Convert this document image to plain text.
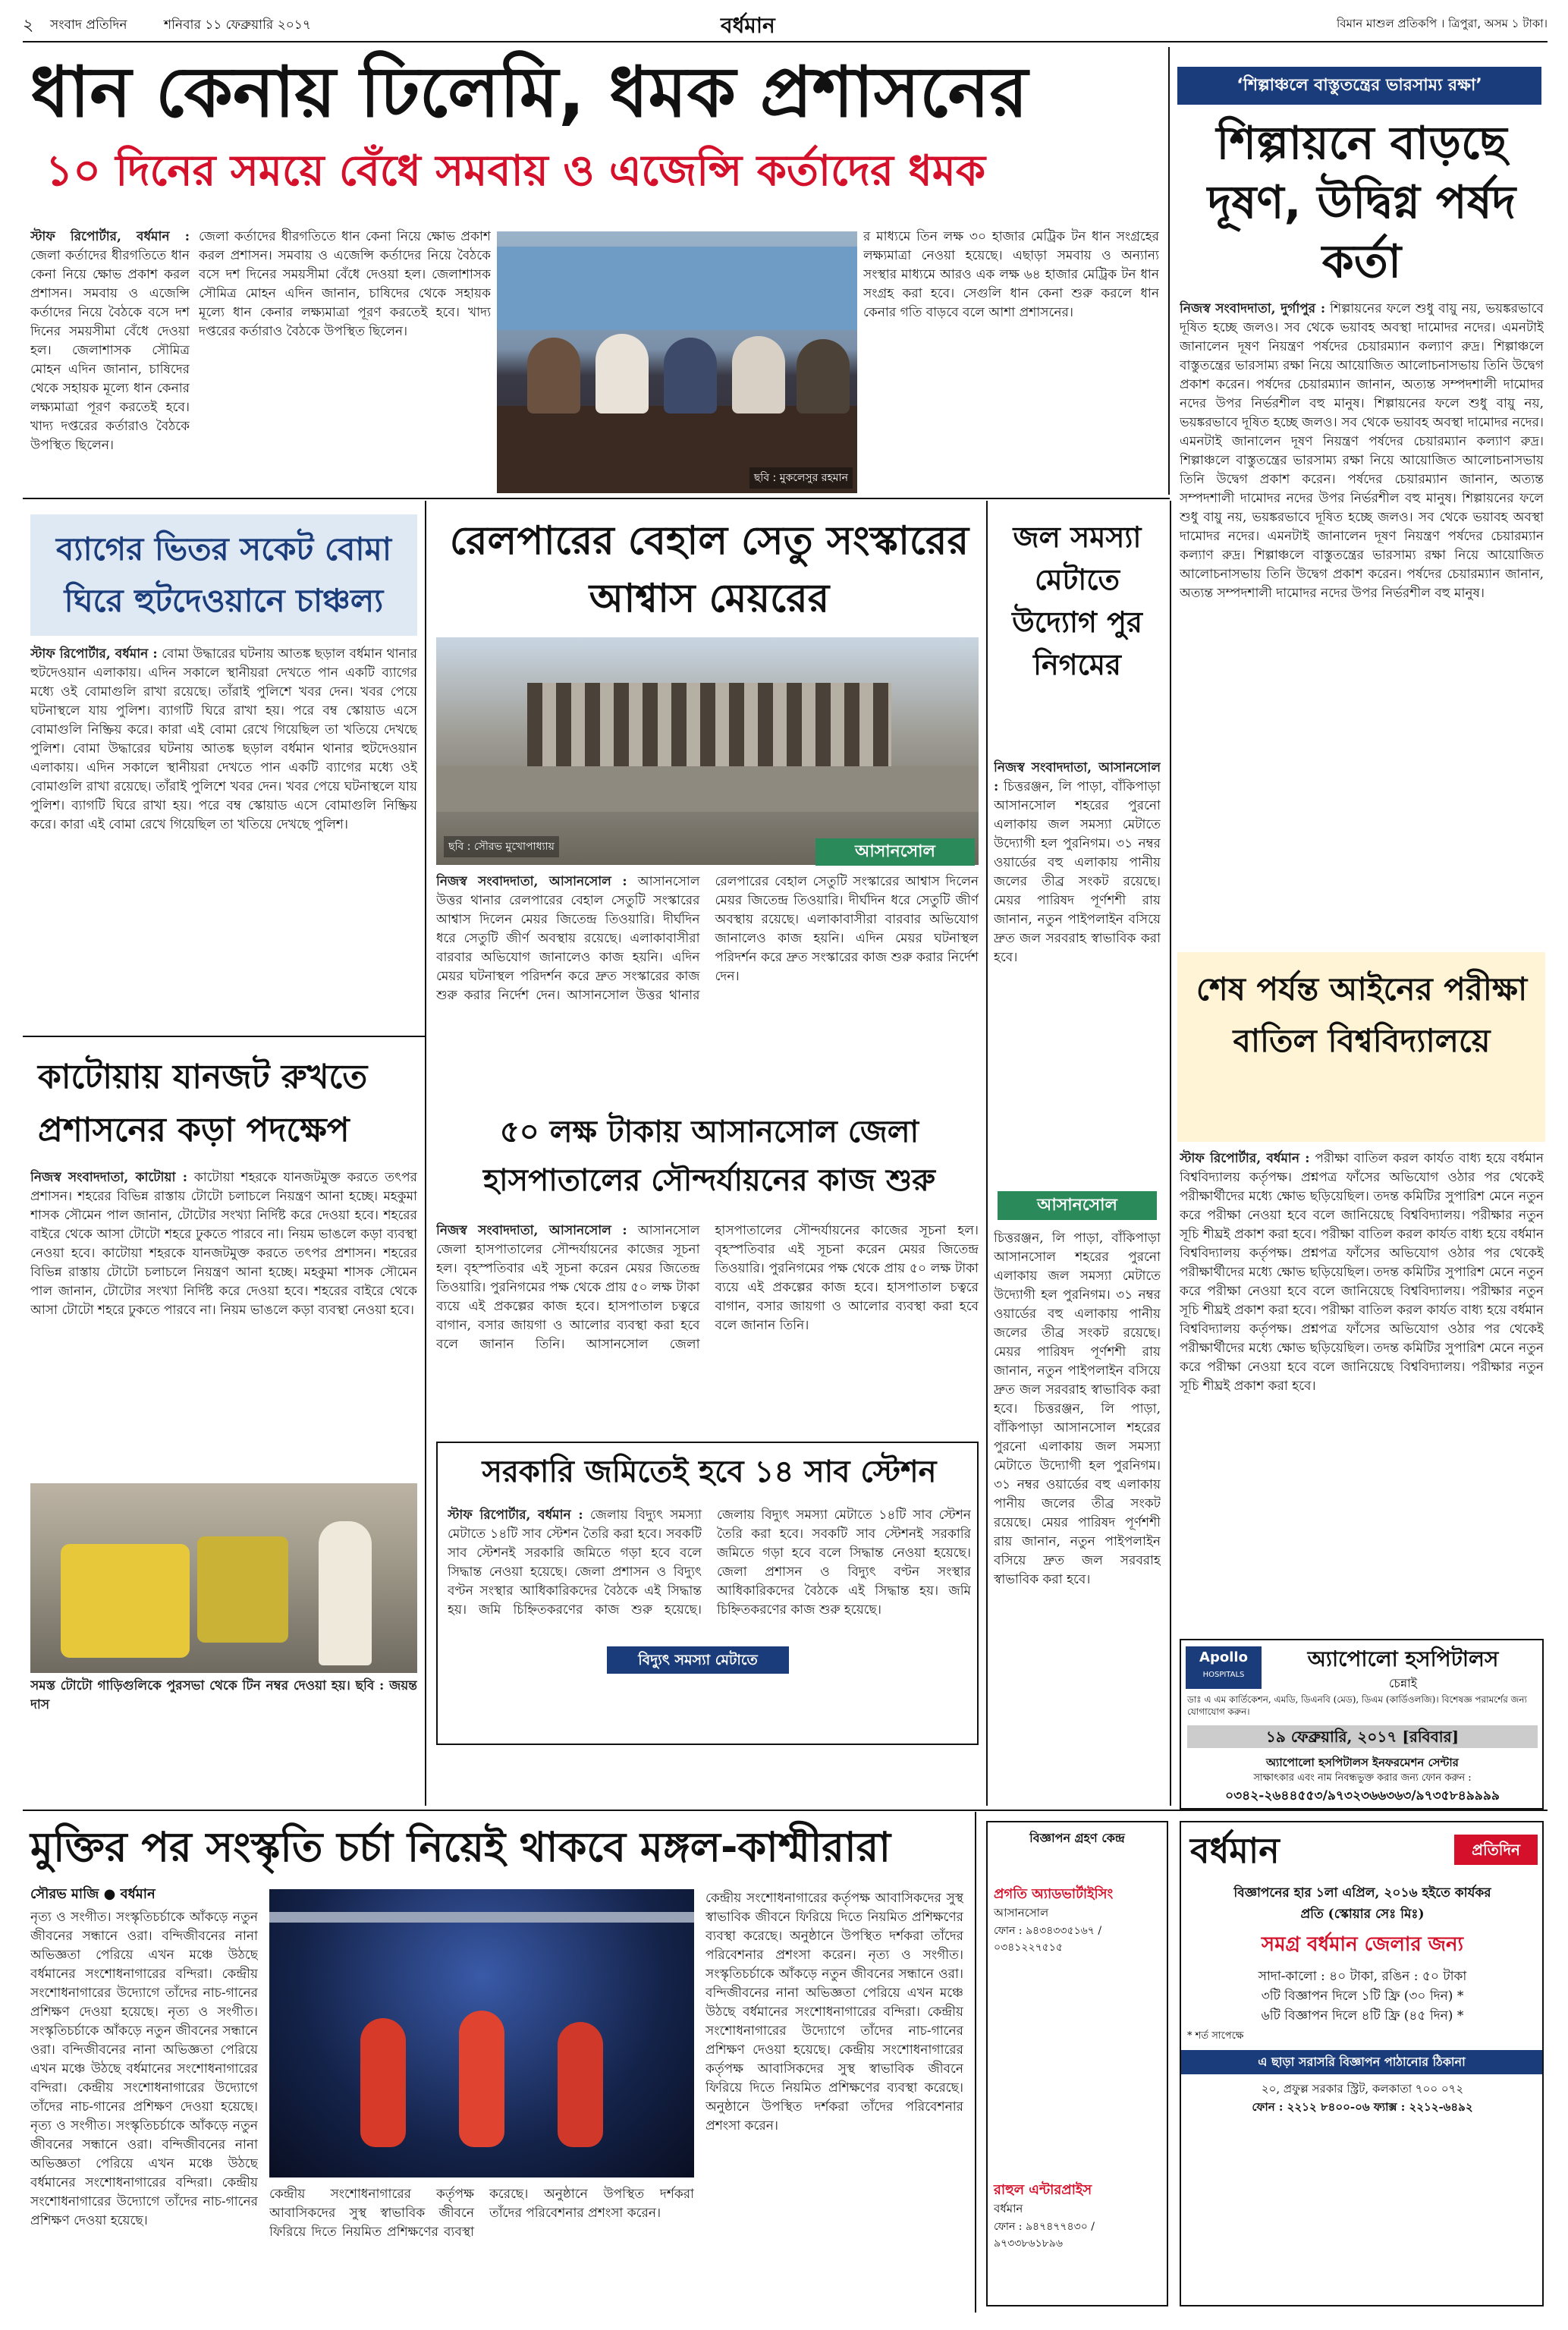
২ সংবাদ প্রতিদিন	শনিবার ১১ ফেব্রুয়ারি ২০১৭	বর্ধমান	বিমান মাশুল প্রতিকপি । ত্রিপুরা, অসম ১ টাকা।
ধান কেনায় ঢিলেমি, ধমক প্রশাসনের
১০ দিনের সময়ে বেঁধে সমবায় ও এজেন্সি কর্তাদের ধমক
স্টাফ রিপোর্টার, বর্ধমান : জেলা কর্তাদের ধীরগতিতে ধান কেনা নিয়ে ক্ষোভ প্রকাশ করল প্রশাসন। সমবায় ও এজেন্সি কর্তাদের নিয়ে বৈঠকে বসে দশ দিনের সময়সীমা বেঁধে দেওয়া হল। জেলাশাসক সৌমিত্র মোহন এদিন জানান, চাষিদের থেকে সহায়ক মূল্যে ধান কেনার লক্ষ্যমাত্রা পূরণ করতেই হবে। খাদ্য দপ্তরের কর্তারাও বৈঠকে উপস্থিত ছিলেন।
জেলা কর্তাদের ধীরগতিতে ধান কেনা নিয়ে ক্ষোভ প্রকাশ করল প্রশাসন। সমবায় ও এজেন্সি কর্তাদের নিয়ে বৈঠকে বসে দশ দিনের সময়সীমা বেঁধে দেওয়া হল। জেলাশাসক সৌমিত্র মোহন এদিন জানান, চাষিদের থেকে সহায়ক মূল্যে ধান কেনার লক্ষ্যমাত্রা পূরণ করতেই হবে। খাদ্য দপ্তরের কর্তারাও বৈঠকে উপস্থিত ছিলেন।
ছবি : মুকলেসুর রহমান
র মাধ্যমে তিন লক্ষ ৩০ হাজার মেট্রিক টন ধান সংগ্রহের লক্ষ্যমাত্রা নেওয়া হয়েছে। এছাড়া সমবায় ও অন্যান্য সংস্থার মাধ্যমে আরও এক লক্ষ ৬৪ হাজার মেট্রিক টন ধান সংগ্রহ করা হবে। সেগুলি ধান কেনা শুরু করলে ধান কেনার গতি বাড়বে বলে আশা প্রশাসনের।
‘শিল্পাঞ্চলে বাস্তুতন্ত্রের ভারসাম্য রক্ষা’
শিল্পায়নে বাড়ছে দূষণ, উদ্বিগ্ন পর্ষদ কর্তা
নিজস্ব সংবাদদাতা, দুর্গাপুর : শিল্পায়নের ফলে শুধু বায়ু নয়, ভয়ঙ্করভাবে দূষিত হচ্ছে জলও। সব থেকে ভয়াবহ অবস্থা দামোদর নদের। এমনটাই জানালেন দূষণ নিয়ন্ত্রণ পর্ষদের চেয়ারম্যান কল্যাণ রুদ্র। শিল্পাঞ্চলে বাস্তুতন্ত্রের ভারসাম্য রক্ষা নিয়ে আয়োজিত আলোচনাসভায় তিনি উদ্বেগ প্রকাশ করেন। পর্ষদের চেয়ারম্যান জানান, অত্যন্ত সম্পদশালী দামোদর নদের উপর নির্ভরশীল বহু মানুষ। শিল্পায়নের ফলে শুধু বায়ু নয়, ভয়ঙ্করভাবে দূষিত হচ্ছে জলও। সব থেকে ভয়াবহ অবস্থা দামোদর নদের। এমনটাই জানালেন দূষণ নিয়ন্ত্রণ পর্ষদের চেয়ারম্যান কল্যাণ রুদ্র। শিল্পাঞ্চলে বাস্তুতন্ত্রের ভারসাম্য রক্ষা নিয়ে আয়োজিত আলোচনাসভায় তিনি উদ্বেগ প্রকাশ করেন। পর্ষদের চেয়ারম্যান জানান, অত্যন্ত সম্পদশালী দামোদর নদের উপর নির্ভরশীল বহু মানুষ। শিল্পায়নের ফলে শুধু বায়ু নয়, ভয়ঙ্করভাবে দূষিত হচ্ছে জলও। সব থেকে ভয়াবহ অবস্থা দামোদর নদের। এমনটাই জানালেন দূষণ নিয়ন্ত্রণ পর্ষদের চেয়ারম্যান কল্যাণ রুদ্র। শিল্পাঞ্চলে বাস্তুতন্ত্রের ভারসাম্য রক্ষা নিয়ে আয়োজিত আলোচনাসভায় তিনি উদ্বেগ প্রকাশ করেন। পর্ষদের চেয়ারম্যান জানান, অত্যন্ত সম্পদশালী দামোদর নদের উপর নির্ভরশীল বহু মানুষ।
ব্যাগের ভিতর সকেট বোমা ঘিরে হুটদেওয়ানে চাঞ্চল্য
স্টাফ রিপোর্টার, বর্ধমান : বোমা উদ্ধারের ঘটনায় আতঙ্ক ছড়াল বর্ধমান থানার হুটদেওয়ান এলাকায়। এদিন সকালে স্থানীয়রা দেখতে পান একটি ব্যাগের মধ্যে ওই বোমাগুলি রাখা রয়েছে। তাঁরাই পুলিশে খবর দেন। খবর পেয়ে ঘটনাস্থলে যায় পুলিশ। ব্যাগটি ঘিরে রাখা হয়। পরে বম্ব স্কোয়াড এসে বোমাগুলি নিষ্ক্রিয় করে। কারা এই বোমা রেখে গিয়েছিল তা খতিয়ে দেখছে পুলিশ। বোমা উদ্ধারের ঘটনায় আতঙ্ক ছড়াল বর্ধমান থানার হুটদেওয়ান এলাকায়। এদিন সকালে স্থানীয়রা দেখতে পান একটি ব্যাগের মধ্যে ওই বোমাগুলি রাখা রয়েছে। তাঁরাই পুলিশে খবর দেন। খবর পেয়ে ঘটনাস্থলে যায় পুলিশ। ব্যাগটি ঘিরে রাখা হয়। পরে বম্ব স্কোয়াড এসে বোমাগুলি নিষ্ক্রিয় করে। কারা এই বোমা রেখে গিয়েছিল তা খতিয়ে দেখছে পুলিশ।
কাটোয়ায় যানজট রুখতে প্রশাসনের কড়া পদক্ষেপ
নিজস্ব সংবাদদাতা, কাটোয়া : কাটোয়া শহরকে যানজটমুক্ত করতে তৎপর প্রশাসন। শহরের বিভিন্ন রাস্তায় টোটো চলাচলে নিয়ন্ত্রণ আনা হচ্ছে। মহকুমা শাসক সৌমেন পাল জানান, টোটোর সংখ্যা নির্দিষ্ট করে দেওয়া হবে। শহরের বাইরে থেকে আসা টোটো শহরে ঢুকতে পারবে না। নিয়ম ভাঙলে কড়া ব্যবস্থা নেওয়া হবে। কাটোয়া শহরকে যানজটমুক্ত করতে তৎপর প্রশাসন। শহরের বিভিন্ন রাস্তায় টোটো চলাচলে নিয়ন্ত্রণ আনা হচ্ছে। মহকুমা শাসক সৌমেন পাল জানান, টোটোর সংখ্যা নির্দিষ্ট করে দেওয়া হবে। শহরের বাইরে থেকে আসা টোটো শহরে ঢুকতে পারবে না। নিয়ম ভাঙলে কড়া ব্যবস্থা নেওয়া হবে।
সমস্ত টোটো গাড়িগুলিকে পুরসভা থেকে টিন নম্বর দেওয়া হয়। ছবি : জয়ন্ত দাস
রেলপারের বেহাল সেতু সংস্কারের আশ্বাস মেয়রের
ছবি : সৌরভ মুখোপাধ্যায়	আসানসোল
নিজস্ব সংবাদদাতা, আসানসোল : আসানসোল উত্তর থানার রেলপারের বেহাল সেতুটি সংস্কারের আশ্বাস দিলেন মেয়র জিতেন্দ্র তিওয়ারি। দীর্ঘদিন ধরে সেতুটি জীর্ণ অবস্থায় রয়েছে। এলাকাবাসীরা বারবার অভিযোগ জানালেও কাজ হয়নি। এদিন মেয়র ঘটনাস্থল পরিদর্শন করে দ্রুত সংস্কারের কাজ শুরু করার নির্দেশ দেন। আসানসোল উত্তর থানার রেলপারের বেহাল সেতুটি সংস্কারের আশ্বাস দিলেন মেয়র জিতেন্দ্র তিওয়ারি। দীর্ঘদিন ধরে সেতুটি জীর্ণ অবস্থায় রয়েছে। এলাকাবাসীরা বারবার অভিযোগ জানালেও কাজ হয়নি। এদিন মেয়র ঘটনাস্থল পরিদর্শন করে দ্রুত সংস্কারের কাজ শুরু করার নির্দেশ দেন।
৫০ লক্ষ টাকায় আসানসোল জেলা হাসপাতালের সৌন্দর্যায়নের কাজ শুরু
নিজস্ব সংবাদদাতা, আসানসোল : আসানসোল জেলা হাসপাতালের সৌন্দর্যায়নের কাজের সূচনা হল। বৃহস্পতিবার এই সূচনা করেন মেয়র জিতেন্দ্র তিওয়ারি। পুরনিগমের পক্ষ থেকে প্রায় ৫০ লক্ষ টাকা ব্যয়ে এই প্রকল্পের কাজ হবে। হাসপাতাল চত্বরে বাগান, বসার জায়গা ও আলোর ব্যবস্থা করা হবে বলে জানান তিনি। আসানসোল জেলা হাসপাতালের সৌন্দর্যায়নের কাজের সূচনা হল। বৃহস্পতিবার এই সূচনা করেন মেয়র জিতেন্দ্র তিওয়ারি। পুরনিগমের পক্ষ থেকে প্রায় ৫০ লক্ষ টাকা ব্যয়ে এই প্রকল্পের কাজ হবে। হাসপাতাল চত্বরে বাগান, বসার জায়গা ও আলোর ব্যবস্থা করা হবে বলে জানান তিনি।
সরকারি জমিতেই হবে ১৪ সাব স্টেশন
স্টাফ রিপোর্টার, বর্ধমান : জেলায় বিদ্যুৎ সমস্যা মেটাতে ১৪টি সাব স্টেশন তৈরি করা হবে। সবকটি সাব স্টেশনই সরকারি জমিতে গড়া হবে বলে সিদ্ধান্ত নেওয়া হয়েছে। জেলা প্রশাসন ও বিদ্যুৎ বণ্টন সংস্থার আধিকারিকদের বৈঠকে এই সিদ্ধান্ত হয়। জমি চিহ্নিতকরণের কাজ শুরু হয়েছে। জেলায় বিদ্যুৎ সমস্যা মেটাতে ১৪টি সাব স্টেশন তৈরি করা হবে। সবকটি সাব স্টেশনই সরকারি জমিতে গড়া হবে বলে সিদ্ধান্ত নেওয়া হয়েছে। জেলা প্রশাসন ও বিদ্যুৎ বণ্টন সংস্থার আধিকারিকদের বৈঠকে এই সিদ্ধান্ত হয়। জমি চিহ্নিতকরণের কাজ শুরু হয়েছে।
বিদ্যুৎ সমস্যা মেটাতে
জল সমস্যা মেটাতে উদ্যোগ পুর নিগমের
নিজস্ব সংবাদদাতা, আসানসোল : চিত্তরঞ্জন, লি পাড়া, বাঁকিপাড়া আসানসোল শহরের পুরনো এলাকায় জল সমস্যা মেটাতে উদ্যোগী হল পুরনিগম। ৩১ নম্বর ওয়ার্ডের বহু এলাকায় পানীয় জলের তীব্র সংকট রয়েছে। মেয়র পারিষদ পূর্ণশশী রায় জানান, নতুন পাইপলাইন বসিয়ে দ্রুত জল সরবরাহ স্বাভাবিক করা হবে।
আসানসোল
চিত্তরঞ্জন, লি পাড়া, বাঁকিপাড়া আসানসোল শহরের পুরনো এলাকায় জল সমস্যা মেটাতে উদ্যোগী হল পুরনিগম। ৩১ নম্বর ওয়ার্ডের বহু এলাকায় পানীয় জলের তীব্র সংকট রয়েছে। মেয়র পারিষদ পূর্ণশশী রায় জানান, নতুন পাইপলাইন বসিয়ে দ্রুত জল সরবরাহ স্বাভাবিক করা হবে। চিত্তরঞ্জন, লি পাড়া, বাঁকিপাড়া আসানসোল শহরের পুরনো এলাকায় জল সমস্যা মেটাতে উদ্যোগী হল পুরনিগম। ৩১ নম্বর ওয়ার্ডের বহু এলাকায় পানীয় জলের তীব্র সংকট রয়েছে। মেয়র পারিষদ পূর্ণশশী রায় জানান, নতুন পাইপলাইন বসিয়ে দ্রুত জল সরবরাহ স্বাভাবিক করা হবে।
শেষ পর্যন্ত আইনের পরীক্ষা বাতিল বিশ্ববিদ্যালয়ে
স্টাফ রিপোর্টার, বর্ধমান : পরীক্ষা বাতিল করল কার্যত বাধ্য হয়ে বর্ধমান বিশ্ববিদ্যালয় কর্তৃপক্ষ। প্রশ্নপত্র ফাঁসের অভিযোগ ওঠার পর থেকেই পরীক্ষার্থীদের মধ্যে ক্ষোভ ছড়িয়েছিল। তদন্ত কমিটির সুপারিশ মেনে নতুন করে পরীক্ষা নেওয়া হবে বলে জানিয়েছে বিশ্ববিদ্যালয়। পরীক্ষার নতুন সূচি শীঘ্রই প্রকাশ করা হবে। পরীক্ষা বাতিল করল কার্যত বাধ্য হয়ে বর্ধমান বিশ্ববিদ্যালয় কর্তৃপক্ষ। প্রশ্নপত্র ফাঁসের অভিযোগ ওঠার পর থেকেই পরীক্ষার্থীদের মধ্যে ক্ষোভ ছড়িয়েছিল। তদন্ত কমিটির সুপারিশ মেনে নতুন করে পরীক্ষা নেওয়া হবে বলে জানিয়েছে বিশ্ববিদ্যালয়। পরীক্ষার নতুন সূচি শীঘ্রই প্রকাশ করা হবে। পরীক্ষা বাতিল করল কার্যত বাধ্য হয়ে বর্ধমান বিশ্ববিদ্যালয় কর্তৃপক্ষ। প্রশ্নপত্র ফাঁসের অভিযোগ ওঠার পর থেকেই পরীক্ষার্থীদের মধ্যে ক্ষোভ ছড়িয়েছিল। তদন্ত কমিটির সুপারিশ মেনে নতুন করে পরীক্ষা নেওয়া হবে বলে জানিয়েছে বিশ্ববিদ্যালয়। পরীক্ষার নতুন সূচি শীঘ্রই প্রকাশ করা হবে।
Apollo
HOSPITALS
অ্যাপোলো হসপিটালস
চেন্নাই
ডাঃ এ এম কার্তিকেশন, এমডি, ডিএনবি (মেড), ডিএম (কার্ডিওলজি)। বিশেষজ্ঞ পরামর্শের জন্য যোগাযোগ করুন।
১৯ ফেব্রুয়ারি, ২০১৭ [রবিবার]
অ্যাপোলো হসপিটালস ইনফরমেশন সেন্টার
সাক্ষাৎকার এবং নাম নিবন্ধভুক্ত করার জন্য ফোন করুন :
০৩৪২-২৬৪৪৫৫৩/৯৭৩২৩৬৬৩৬৩/৯৭৩৫৮৪৯৯৯৯
মুক্তির পর সংস্কৃতি চর্চা নিয়েই থাকবে মঙ্গল-কাশ্মীরারা
সৌরভ মাজি ● বর্ধমান
নৃত্য ও সংগীত। সংস্কৃতিচর্চাকে আঁকড়ে নতুন জীবনের সন্ধানে ওরা। বন্দিজীবনের নানা অভিজ্ঞতা পেরিয়ে এখন মঞ্চে উঠছে বর্ধমানের সংশোধনাগারের বন্দিরা। কেন্দ্রীয় সংশোধনাগারের উদ্যোগে তাঁদের নাচ-গানের প্রশিক্ষণ দেওয়া হয়েছে। নৃত্য ও সংগীত। সংস্কৃতিচর্চাকে আঁকড়ে নতুন জীবনের সন্ধানে ওরা। বন্দিজীবনের নানা অভিজ্ঞতা পেরিয়ে এখন মঞ্চে উঠছে বর্ধমানের সংশোধনাগারের বন্দিরা। কেন্দ্রীয় সংশোধনাগারের উদ্যোগে তাঁদের নাচ-গানের প্রশিক্ষণ দেওয়া হয়েছে। নৃত্য ও সংগীত। সংস্কৃতিচর্চাকে আঁকড়ে নতুন জীবনের সন্ধানে ওরা। বন্দিজীবনের নানা অভিজ্ঞতা পেরিয়ে এখন মঞ্চে উঠছে বর্ধমানের সংশোধনাগারের বন্দিরা। কেন্দ্রীয় সংশোধনাগারের উদ্যোগে তাঁদের নাচ-গানের প্রশিক্ষণ দেওয়া হয়েছে।
কেন্দ্রীয় সংশোধনাগারের কর্তৃপক্ষ আবাসিকদের সুস্থ স্বাভাবিক জীবনে ফিরিয়ে দিতে নিয়মিত প্রশিক্ষণের ব্যবস্থা করেছে। অনুষ্ঠানে উপস্থিত দর্শকরা তাঁদের পরিবেশনার প্রশংসা করেন।
কেন্দ্রীয় সংশোধনাগারের কর্তৃপক্ষ আবাসিকদের সুস্থ স্বাভাবিক জীবনে ফিরিয়ে দিতে নিয়মিত প্রশিক্ষণের ব্যবস্থা করেছে। অনুষ্ঠানে উপস্থিত দর্শকরা তাঁদের পরিবেশনার প্রশংসা করেন। নৃত্য ও সংগীত। সংস্কৃতিচর্চাকে আঁকড়ে নতুন জীবনের সন্ধানে ওরা। বন্দিজীবনের নানা অভিজ্ঞতা পেরিয়ে এখন মঞ্চে উঠছে বর্ধমানের সংশোধনাগারের বন্দিরা। কেন্দ্রীয় সংশোধনাগারের উদ্যোগে তাঁদের নাচ-গানের প্রশিক্ষণ দেওয়া হয়েছে। কেন্দ্রীয় সংশোধনাগারের কর্তৃপক্ষ আবাসিকদের সুস্থ স্বাভাবিক জীবনে ফিরিয়ে দিতে নিয়মিত প্রশিক্ষণের ব্যবস্থা করেছে। অনুষ্ঠানে উপস্থিত দর্শকরা তাঁদের পরিবেশনার প্রশংসা করেন।
বিজ্ঞাপন গ্রহণ কেন্দ্র
প্রগতি অ্যাডভার্টাইসিং
আসানসোল
ফোন : ৯৪৩৪৩৩৫১৬৭ / ০৩৪১২২৭৫১৫
রাহুল এন্টারপ্রাইস
বর্ধমান
ফোন : ৯৪৭৪৭৭৪৩০ / ৯৭৩৩৮৬১৮৯৬
বর্ধমান	প্রতিদিন
বিজ্ঞাপনের হার ১লা এপ্রিল, ২০১৬ হইতে কার্যকর
প্রতি (স্কোয়ার সেঃ মিঃ)
সমগ্র বর্ধমান জেলার জন্য
সাদা-কালো : ৪০ টাকা, রঙিন : ৫০ টাকা
৩টি বিজ্ঞাপন দিলে ১টি ফ্রি (৩০ দিন) *
৬টি বিজ্ঞাপন দিলে ৪টি ফ্রি (৪৫ দিন) *
* শর্ত সাপেক্ষে
এ ছাড়া সরাসরি বিজ্ঞাপন পাঠানোর ঠিকানা
২০, প্রফুল্ল সরকার স্ট্রিট, কলকাতা ৭০০ ০৭২
ফোন : ২২১২ ৮৪০০-০৬ ফ্যাক্স : ২২১২-৬৪৯২
